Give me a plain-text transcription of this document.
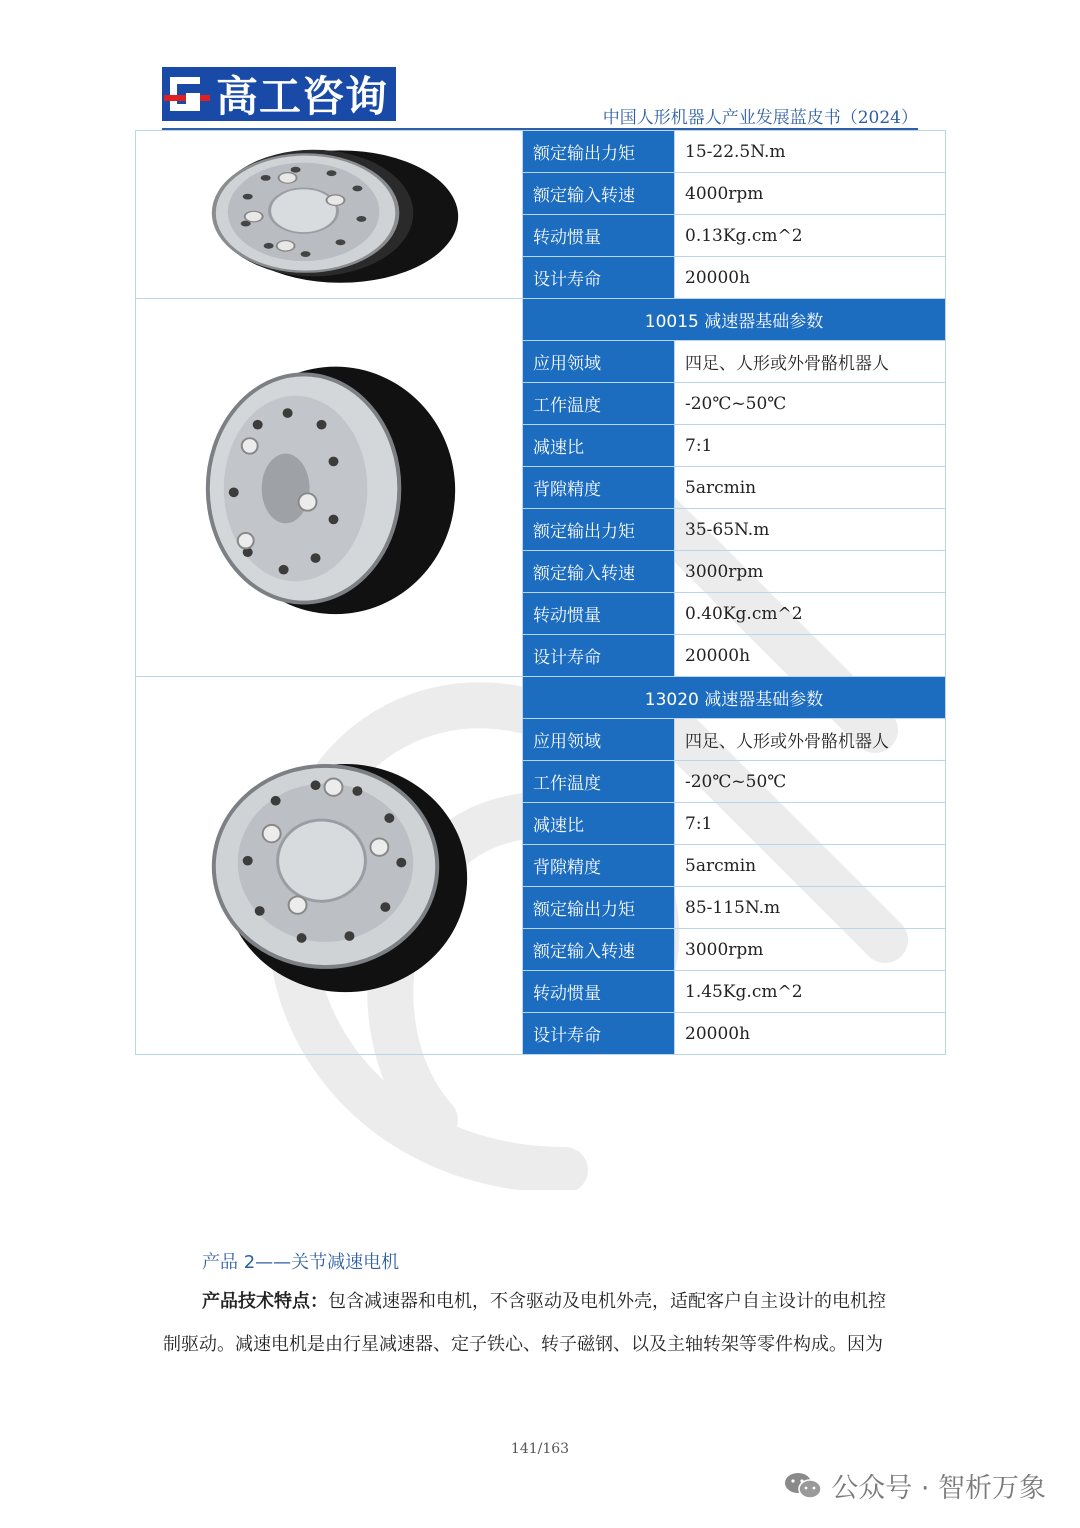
高工咨询	中国人形机器人产业发展蓝皮书（2024）
	额定输出力矩	15-22.5N.m
	额定输入转速	4000rpm
	转动惯量	0.13Kg.cm^2
	设计寿命	20000h

	10015 减速器基础参数	
	应用领域	四足、人形或外骨骼机器人
	工作温度	-20℃~50℃
	减速比	7:1
	背隙精度	5arcmin
	额定输出力矩	35-65N.m
	额定输入转速	3000rpm
	转动惯量	0.40Kg.cm^2
	设计寿命	20000h

	13020 减速器基础参数	
	应用领域	四足、人形或外骨骼机器人
	工作温度	-20℃~50℃
	减速比	7:1
	背隙精度	5arcmin
	额定输出力矩	85-115N.m
	额定输入转速	3000rpm
	转动惯量	1.45Kg.cm^2
	设计寿命	20000h
产品 2——关节减速电机
产品技术特点：包含减速器和电机，不含驱动及电机外壳，适配客户自主设计的电机控
制驱动。减速电机是由行星减速器、定子铁心、转子磁钢、以及主轴转架等零件构成。因为
141/163
公众号 · 智析万象
